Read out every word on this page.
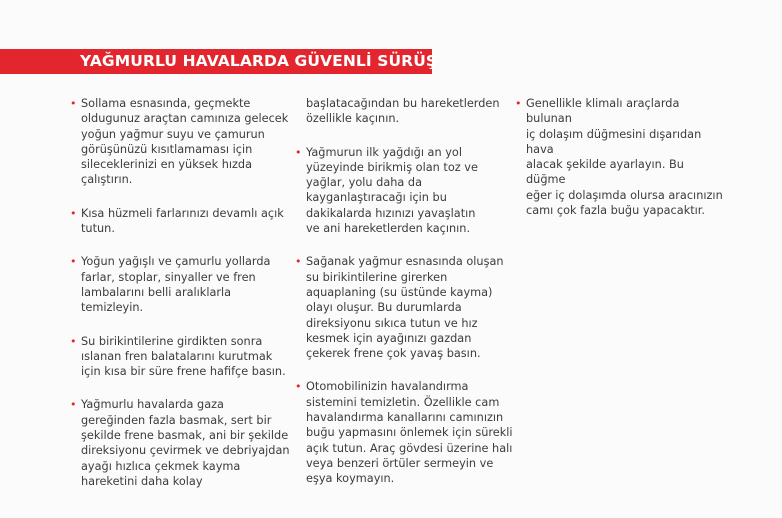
YAĞMURLU HAVALARDA GÜVENLİ SÜRÜŞ
• Sollama esnasında, geçmekte
oldugunuz araçtan camınıza gelecek
yoğun yağmur suyu ve çamurun
görüşünüzü kısıtlamaması için
sileceklerinizi en yüksek hızda
çalıştırın.
• Kısa hüzmeli farlarınızı devamlı açık
tutun.
• Yoğun yağışlı ve çamurlu yollarda
farlar, stoplar, sinyaller ve fren
lambalarını belli aralıklarla
temizleyin.
• Su birikintilerine girdikten sonra
ıslanan fren balatalarını kurutmak
için kısa bir süre frene hafifçe basın.
• Yağmurlu havalarda gaza
gereğinden fazla basmak, sert bir
şekilde frene basmak, ani bir şekilde
direksiyonu çevirmek ve debriyajdan
ayağı hızlıca çekmek kayma
hareketini daha kolay
başlatacağından bu hareketlerden
özellikle kaçının.
• Yağmurun ilk yağdığı an yol
yüzeyinde birikmiş olan toz ve
yağlar, yolu daha da
kayganlaştıracağı için bu
dakikalarda hızınızı yavaşlatın
ve ani hareketlerden kaçının.
• Sağanak yağmur esnasında oluşan
su birikintilerine girerken
aquaplaning (su üstünde kayma)
olayı oluşur. Bu durumlarda
direksiyonu sıkıca tutun ve hız
kesmek için ayağınızı gazdan
çekerek frene çok yavaş basın.
• Otomobilinizin havalandırma
sistemini temizletin. Özellikle cam
havalandırma kanallarını camınızın
buğu yapmasını önlemek için sürekli
açık tutun. Araç gövdesi üzerine halı
veya benzeri örtüler sermeyin ve
eşya koymayın.
• Genellikle klimalı araçlarda bulunan
iç dolaşım düğmesini dışarıdan hava
alacak şekilde ayarlayın. Bu düğme
eğer iç dolaşımda olursa aracınızın
camı çok fazla buğu yapacaktır.
